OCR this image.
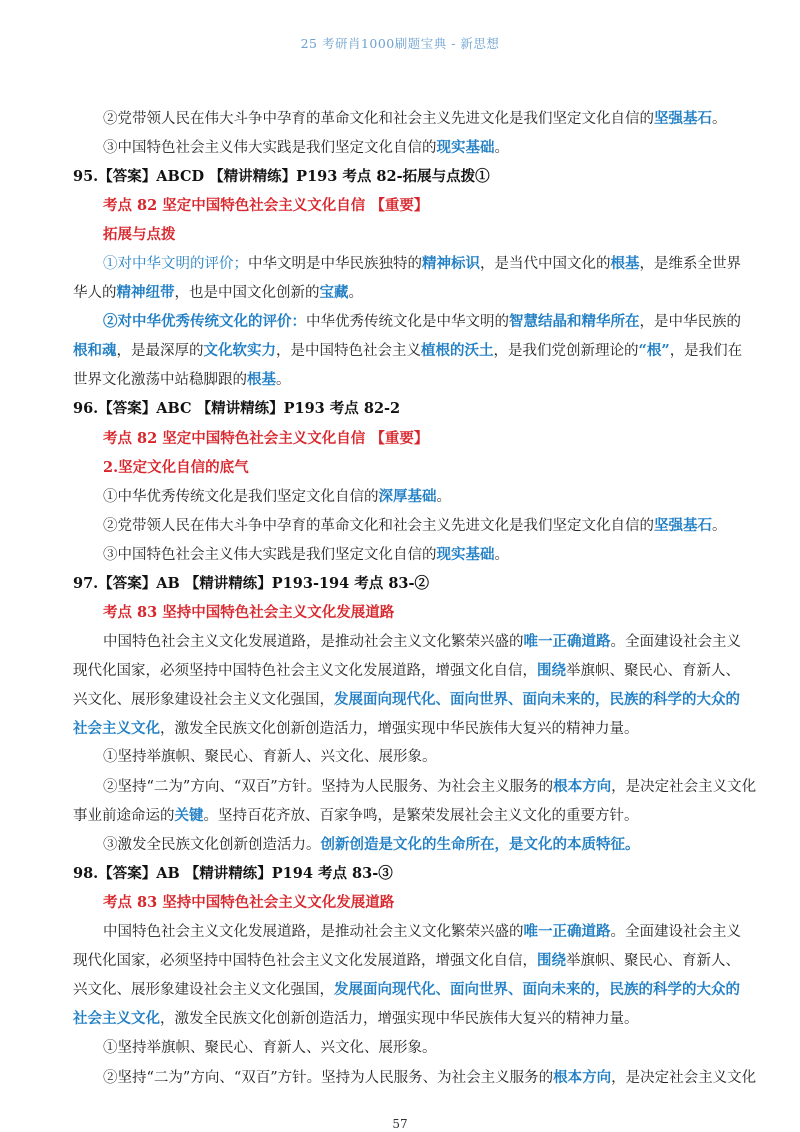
25 考研肖1000刷题宝典 - 新思想
②党带领人民在伟大斗争中孕育的革命文化和社会主义先进文化是我们坚定文化自信的坚强基石。
③中国特色社会主义伟大实践是我们坚定文化自信的现实基础。
95.【答案】ABCD 【精讲精练】P193 考点 82-拓展与点拨①
考点 82 坚定中国特色社会主义文化自信 【重要】
拓展与点拨
①对中华文明的评价；中华文明是中华民族独特的精神标识，是当代中国文化的根基，是维系全世界
华人的精神纽带，也是中国文化创新的宝藏。
②对中华优秀传统文化的评价：中华优秀传统文化是中华文明的智慧结晶和精华所在，是中华民族的
根和魂，是最深厚的文化软实力，是中国特色社会主义植根的沃土，是我们党创新理论的“根”，是我们在
世界文化激荡中站稳脚跟的根基。
96.【答案】ABC 【精讲精练】P193 考点 82-2
考点 82 坚定中国特色社会主义文化自信 【重要】
2.坚定文化自信的底气
①中华优秀传统文化是我们坚定文化自信的深厚基础。
②党带领人民在伟大斗争中孕育的革命文化和社会主义先进文化是我们坚定文化自信的坚强基石。
③中国特色社会主义伟大实践是我们坚定文化自信的现实基础。
97.【答案】AB 【精讲精练】P193-194 考点 83-②
考点 83 坚持中国特色社会主义文化发展道路
中国特色社会主义文化发展道路，是推动社会主义文化繁荣兴盛的唯一正确道路。全面建设社会主义
现代化国家，必须坚持中国特色社会主义文化发展道路，增强文化自信，围绕举旗帜、聚民心、育新人、
兴文化、展形象建设社会主义文化强国，发展面向现代化、面向世界、面向未来的，民族的科学的大众的
社会主义文化，激发全民族文化创新创造活力，增强实现中华民族伟大复兴的精神力量。
①坚持举旗帜、聚民心、育新人、兴文化、展形象。
②坚持“二为”方向、“双百”方针。坚持为人民服务、为社会主义服务的根本方向，是决定社会主义文化
事业前途命运的关键。坚持百花齐放、百家争鸣，是繁荣发展社会主义文化的重要方针。
③激发全民族文化创新创造活力。创新创造是文化的生命所在，是文化的本质特征。
98.【答案】AB 【精讲精练】P194 考点 83-③
考点 83 坚持中国特色社会主义文化发展道路
中国特色社会主义文化发展道路，是推动社会主义文化繁荣兴盛的唯一正确道路。全面建设社会主义
现代化国家，必须坚持中国特色社会主义文化发展道路，增强文化自信，围绕举旗帜、聚民心、育新人、
兴文化、展形象建设社会主义文化强国，发展面向现代化、面向世界、面向未来的，民族的科学的大众的
社会主义文化，激发全民族文化创新创造活力，增强实现中华民族伟大复兴的精神力量。
①坚持举旗帜、聚民心、育新人、兴文化、展形象。
②坚持“二为”方向、“双百”方针。坚持为人民服务、为社会主义服务的根本方向，是决定社会主义文化
57
